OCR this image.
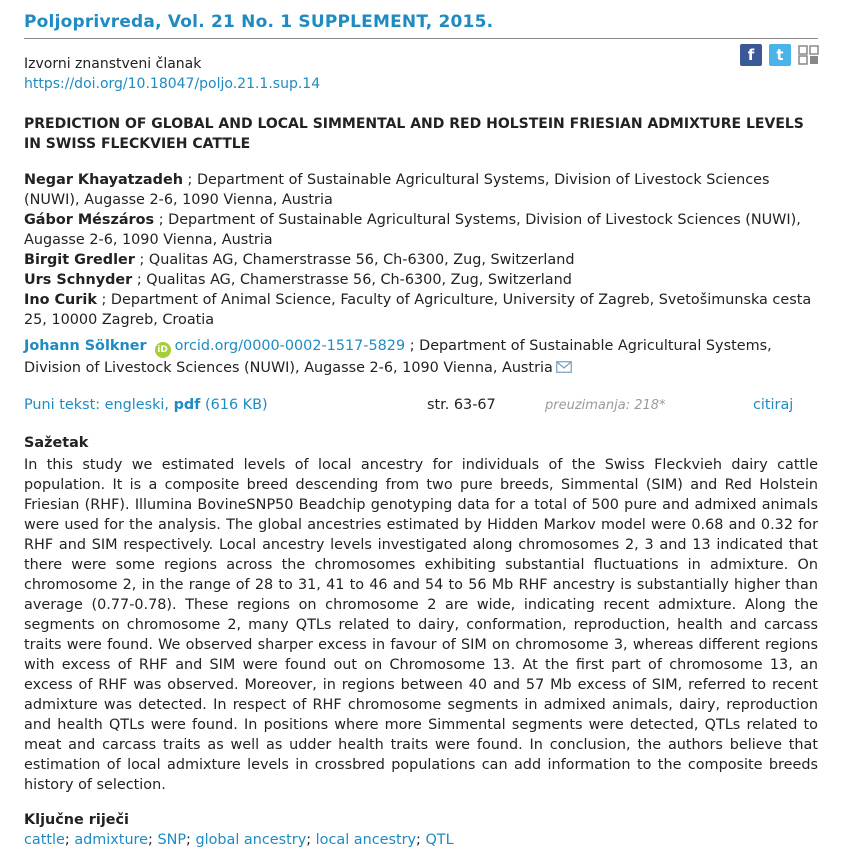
Poljoprivreda, Vol. 21 No. 1 SUPPLEMENT, 2015.
f	t
Izvorni znanstveni članak
https://doi.org/10.18047/poljo.21.1.sup.14
PREDICTION OF GLOBAL AND LOCAL SIMMENTAL AND RED HOLSTEIN FRIESIAN ADMIXTURE LEVELS IN SWISS FLECKVIEH CATTLE

Negar Khayatzadeh ; Department of Sustainable Agricultural Systems, Division of Livestock Sciences (NUWI), Augasse 2-6, 1090 Vienna, Austria

Gábor Mészáros ; Department of Sustainable Agricultural Systems, Division of Livestock Sciences (NUWI), Augasse 2-6, 1090 Vienna, Austria

Birgit Gredler ; Qualitas AG, Chamerstrasse 56, Ch-6300, Zug, Switzerland

Urs Schnyder ; Qualitas AG, Chamerstrasse 56, Ch-6300, Zug, Switzerland

Ino Curik ; Department of Animal Science, Faculty of Agriculture, University of Zagreb, Svetošimunska cesta 25, 10000 Zagreb, Croatia

Johann Sölkner iD orcid.org/0000-0002-1517-5829 ; Department of Sustainable Agricultural Systems, Division of Livestock Sciences (NUWI), Augasse 2-6, 1090 Vienna, Austria

Puni tekst: engleski, pdf (616 KB)	str. 63-67	preuzimanja: 218*	citiraj
Sažetak
In this study we estimated levels of local ancestry for individuals of the Swiss Fleckvieh dairy cattle population. It is a composite breed descending from two pure breeds, Simmental (SIM) and Red Holstein Friesian (RHF). Illumina BovineSNP50 Beadchip genotyping data for a total of 500 pure and admixed animals were used for the analysis. The global ancestries estimated by Hidden Markov model were 0.68 and 0.32 for RHF and SIM respectively. Local ancestry levels investigated along chromosomes 2, 3 and 13 indicated that there were some regions across the chromosomes exhibiting substantial fluctuations in admixture. On chromosome 2, in the range of 28 to 31, 41 to 46 and 54 to 56 Mb RHF ancestry is substantially higher than average (0.77-0.78). These regions on chromosome 2 are wide, indicating recent admixture. Along the segments on chromosome 2, many QTLs related to dairy, conformation, reproduction, health and carcass traits were found. We observed sharper excess in favour of SIM on chromosome 3, whereas different regions with excess of RHF and SIM were found out on Chromosome 13. At the first part of chromosome 13, an excess of RHF was observed. Moreover, in regions between 40 and 57 Mb excess of SIM, referred to recent admixture was detected. In respect of RHF chromosome segments in admixed animals, dairy, reproduction and health QTLs were found. In positions where more Simmental segments were detected, QTLs related to meat and carcass traits as well as udder health traits were found. In conclusion, the authors believe that estimation of local admixture levels in crossbred populations can add information to the composite breeds history of selection.
Ključne riječi
cattle; admixture; SNP; global ancestry; local ancestry; QTL
